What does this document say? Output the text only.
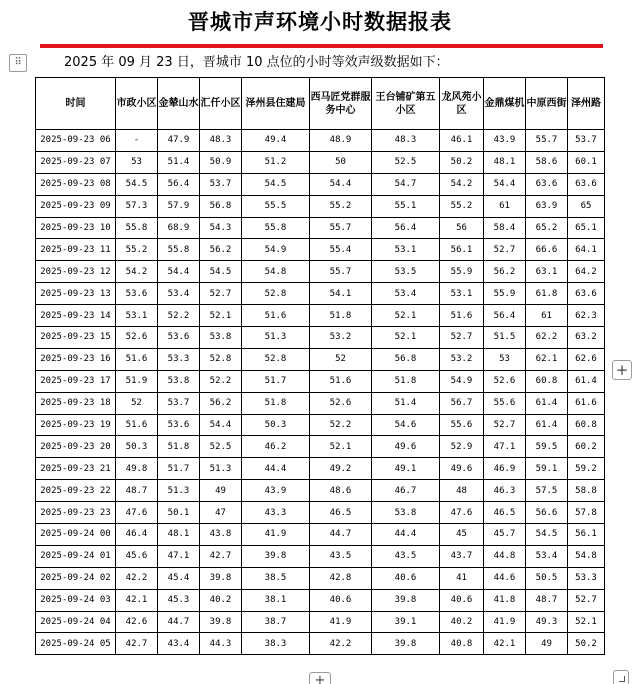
晋城市声环境小时数据报表
⠿	2025 年 09 月 23 日，晋城市 10 点位的小时等效声级数据如下：
时间	市政小区	金辇山水	汇仟小区	泽州县住建局	西马匠党群服务中心	王台铺矿第五小区	龙风苑小区	金鼎煤机	中原西街	泽州路
2025-09-23 06	-	47.9	48.3	49.4	48.9	48.3	46.1	43.9	55.7	53.7
2025-09-23 07	53	51.4	50.9	51.2	50	52.5	50.2	48.1	58.6	60.1
2025-09-23 08	54.5	56.4	53.7	54.5	54.4	54.7	54.2	54.4	63.6	63.6
2025-09-23 09	57.3	57.9	56.8	55.5	55.2	55.1	55.2	61	63.9	65
2025-09-23 10	55.8	68.9	54.3	55.8	55.7	56.4	56	58.4	65.2	65.1
2025-09-23 11	55.2	55.8	56.2	54.9	55.4	53.1	56.1	52.7	66.6	64.1
2025-09-23 12	54.2	54.4	54.5	54.8	55.7	53.5	55.9	56.2	63.1	64.2
2025-09-23 13	53.6	53.4	52.7	52.8	54.1	53.4	53.1	55.9	61.8	63.6
2025-09-23 14	53.1	52.2	52.1	51.6	51.8	52.1	51.6	56.4	61	62.3
2025-09-23 15	52.6	53.6	53.8	51.3	53.2	52.1	52.7	51.5	62.2	63.2
2025-09-23 16	51.6	53.3	52.8	52.8	52	56.8	53.2	53	62.1	62.6
2025-09-23 17	51.9	53.8	52.2	51.7	51.6	51.8	54.9	52.6	60.8	61.4
2025-09-23 18	52	53.7	56.2	51.8	52.6	51.4	56.7	55.6	61.4	61.6
2025-09-23 19	51.6	53.6	54.4	50.3	52.2	54.6	55.6	52.7	61.4	60.8
2025-09-23 20	50.3	51.8	52.5	46.2	52.1	49.6	52.9	47.1	59.5	60.2
2025-09-23 21	49.8	51.7	51.3	44.4	49.2	49.1	49.6	46.9	59.1	59.2
2025-09-23 22	48.7	51.3	49	43.9	48.6	46.7	48	46.3	57.5	58.8
2025-09-23 23	47.6	50.1	47	43.3	46.5	53.8	47.6	46.5	56.6	57.8
2025-09-24 00	46.4	48.1	43.8	41.9	44.7	44.4	45	45.7	54.5	56.1
2025-09-24 01	45.6	47.1	42.7	39.8	43.5	43.5	43.7	44.8	53.4	54.8
2025-09-24 02	42.2	45.4	39.8	38.5	42.8	40.6	41	44.6	50.5	53.3
2025-09-24 03	42.1	45.3	40.2	38.1	40.6	39.8	40.6	41.8	48.7	52.7
2025-09-24 04	42.6	44.7	39.8	38.7	41.9	39.1	40.2	41.9	49.3	52.1
2025-09-24 05	42.7	43.4	44.3	38.3	42.2	39.8	40.8	42.1	49	50.2
+
+
